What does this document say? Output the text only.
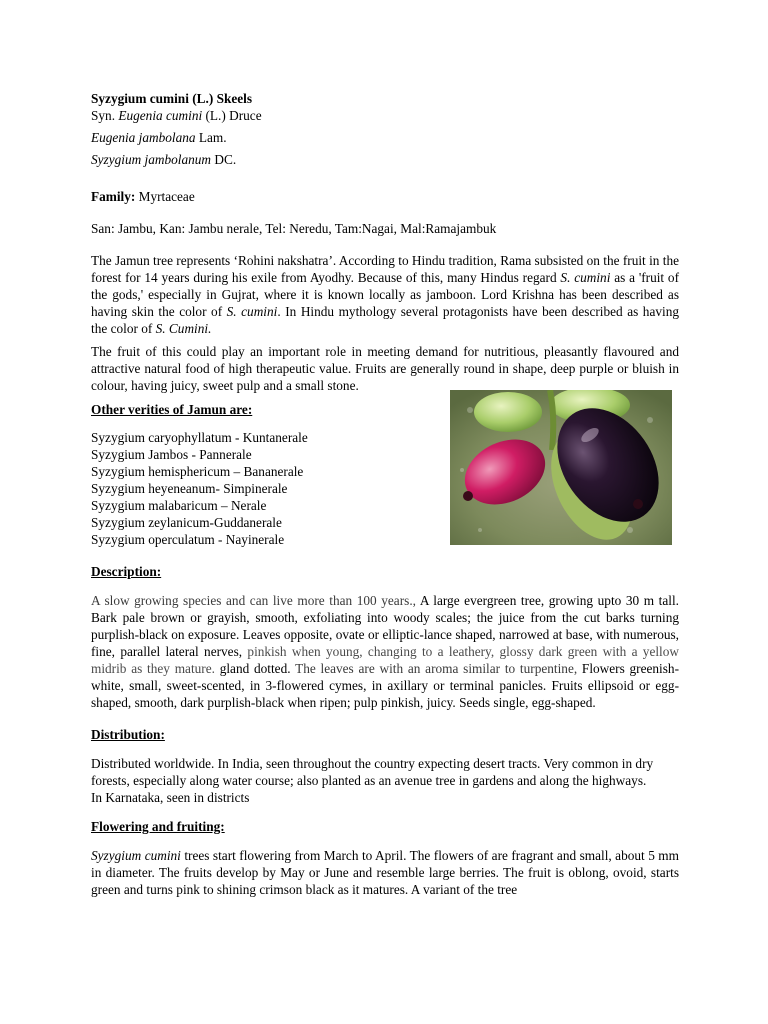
Syzygium cumini (L.) Skeels

Syn. Eugenia cumini (L.) Druce

Eugenia jambolana Lam.

Syzygium jambolanum DC.

Family: Myrtaceae

San: Jambu, Kan: Jambu nerale, Tel: Neredu, Tam:Nagai, Mal:Ramajambuk

The Jamun tree represents ‘Rohini nakshatra’. According to Hindu tradition, Rama subsisted on the fruit in the forest for 14 years during his exile from Ayodhy. Because of this, many Hindus regard S. cumini as a 'fruit of the gods,' especially in Gujrat, where it is known locally as jamboon. Lord Krishna has been described as having skin the color of S. cumini. In Hindu mythology several protagonists have been described as having the color of S. Cumini.

The fruit of this could play an important role in meeting demand for nutritious, pleasantly flavoured and attractive natural food of high therapeutic value. Fruits are generally round in shape, deep purple or bluish in colour, having juicy, sweet pulp and a small stone.

Other verities of Jamun are:

Syzygium caryophyllatum - Kuntanerale

Syzygium Jambos - Pannerale

Syzygium hemisphericum – Bananerale

Syzygium heyeneanum- Simpinerale

Syzygium malabaricum – Nerale

Syzygium zeylanicum-Guddanerale

Syzygium operculatum - Nayinerale

Description:

A slow growing species and can live more than 100 years., A large evergreen tree, growing upto 30 m tall. Bark pale brown or grayish, smooth, exfoliating into woody scales; the juice from the cut barks turning purplish-black on exposure. Leaves opposite, ovate or elliptic-lance shaped, narrowed at base, with numerous, fine, parallel lateral nerves, pinkish when young, changing to a leathery, glossy dark green with a yellow midrib as they mature. gland dotted. The leaves are with an aroma similar to turpentine, Flowers greenish-white, small, sweet-scented, in 3-flowered cymes, in axillary or terminal panicles. Fruits ellipsoid or egg-shaped, smooth, dark purplish-black when ripen; pulp pinkish, juicy. Seeds single, egg-shaped.

Distribution:

Distributed worldwide. In India, seen throughout the country expecting desert tracts. Very common in dry forests, especially along water course; also planted as an avenue tree in gardens and along the highways.

In Karnataka, seen in districts

Flowering and fruiting:

Syzygium cumini trees start flowering from March to April. The flowers of are fragrant and small, about 5 mm in diameter. The fruits develop by May or June and resemble large berries. The fruit is oblong, ovoid, starts green and turns pink to shining crimson black as it matures. A variant of the tree
